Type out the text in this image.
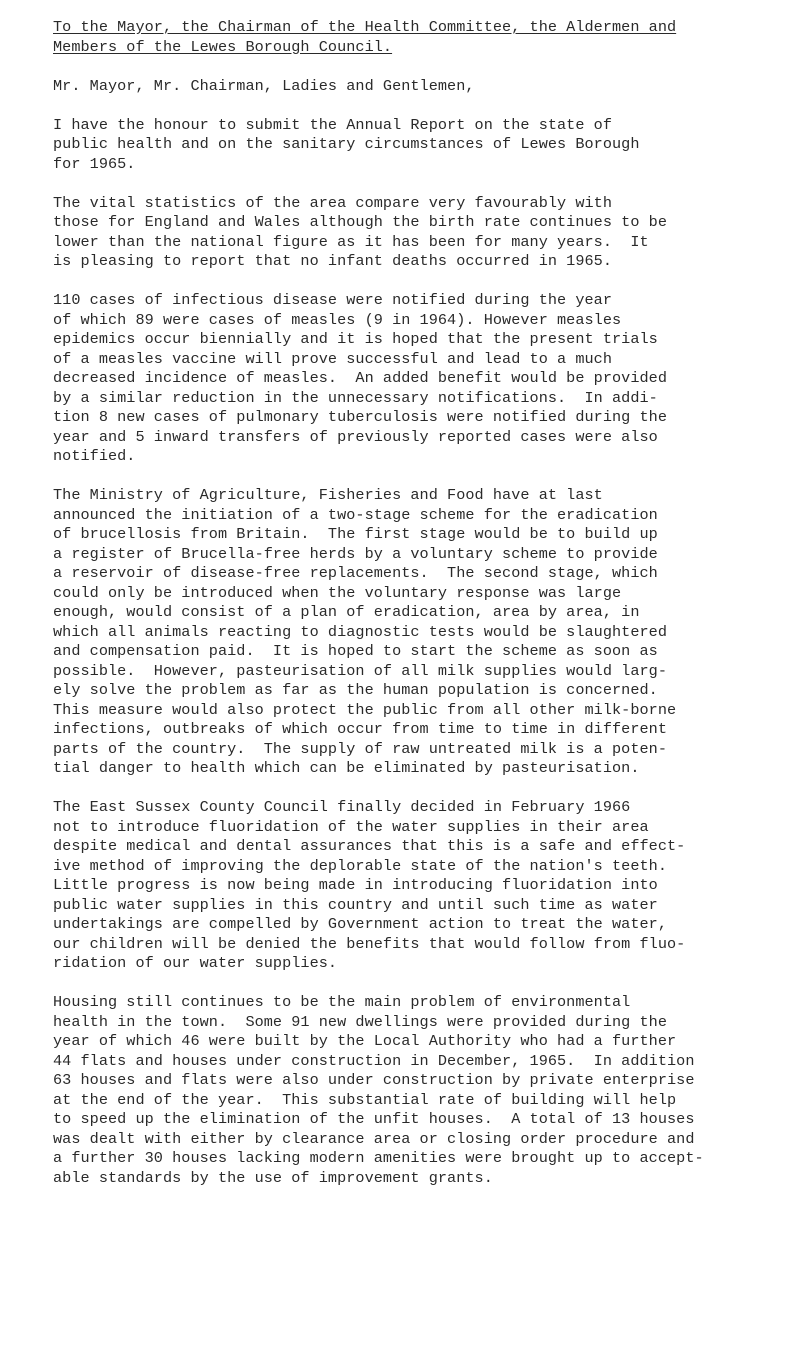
To the Mayor, the Chairman of the Health Committee, the Aldermen and
Members of the Lewes Borough Council.
Mr. Mayor, Mr. Chairman, Ladies and Gentlemen,
I have the honour to submit the Annual Report on the state of
public health and on the sanitary circumstances of Lewes Borough
for 1965.
The vital statistics of the area compare very favourably with
those for England and Wales although the birth rate continues to be
lower than the national figure as it has been for many years.  It
is pleasing to report that no infant deaths occurred in 1965.
110 cases of infectious disease were notified during the year
of which 89 were cases of measles (9 in 1964). However measles
epidemics occur biennially and it is hoped that the present trials
of a measles vaccine will prove successful and lead to a much
decreased incidence of measles.  An added benefit would be provided
by a similar reduction in the unnecessary notifications.  In addi-
tion 8 new cases of pulmonary tuberculosis were notified during the
year and 5 inward transfers of previously reported cases were also
notified.
The Ministry of Agriculture, Fisheries and Food have at last
announced the initiation of a two-stage scheme for the eradication
of brucellosis from Britain.  The first stage would be to build up
a register of Brucella-free herds by a voluntary scheme to provide
a reservoir of disease-free replacements.  The second stage, which
could only be introduced when the voluntary response was large
enough, would consist of a plan of eradication, area by area, in
which all animals reacting to diagnostic tests would be slaughtered
and compensation paid.  It is hoped to start the scheme as soon as
possible.  However, pasteurisation of all milk supplies would larg-
ely solve the problem as far as the human population is concerned.
This measure would also protect the public from all other milk-borne
infections, outbreaks of which occur from time to time in different
parts of the country.  The supply of raw untreated milk is a poten-
tial danger to health which can be eliminated by pasteurisation.
The East Sussex County Council finally decided in February 1966
not to introduce fluoridation of the water supplies in their area
despite medical and dental assurances that this is a safe and effect-
ive method of improving the deplorable state of the nation's teeth.
Little progress is now being made in introducing fluoridation into
public water supplies in this country and until such time as water
undertakings are compelled by Government action to treat the water,
our children will be denied the benefits that would follow from fluo-
ridation of our water supplies.
Housing still continues to be the main problem of environmental
health in the town.  Some 91 new dwellings were provided during the
year of which 46 were built by the Local Authority who had a further
44 flats and houses under construction in December, 1965.  In addition
63 houses and flats were also under construction by private enterprise
at the end of the year.  This substantial rate of building will help
to speed up the elimination of the unfit houses.  A total of 13 houses
was dealt with either by clearance area or closing order procedure and
a further 30 houses lacking modern amenities were brought up to accept-
able standards by the use of improvement grants.
